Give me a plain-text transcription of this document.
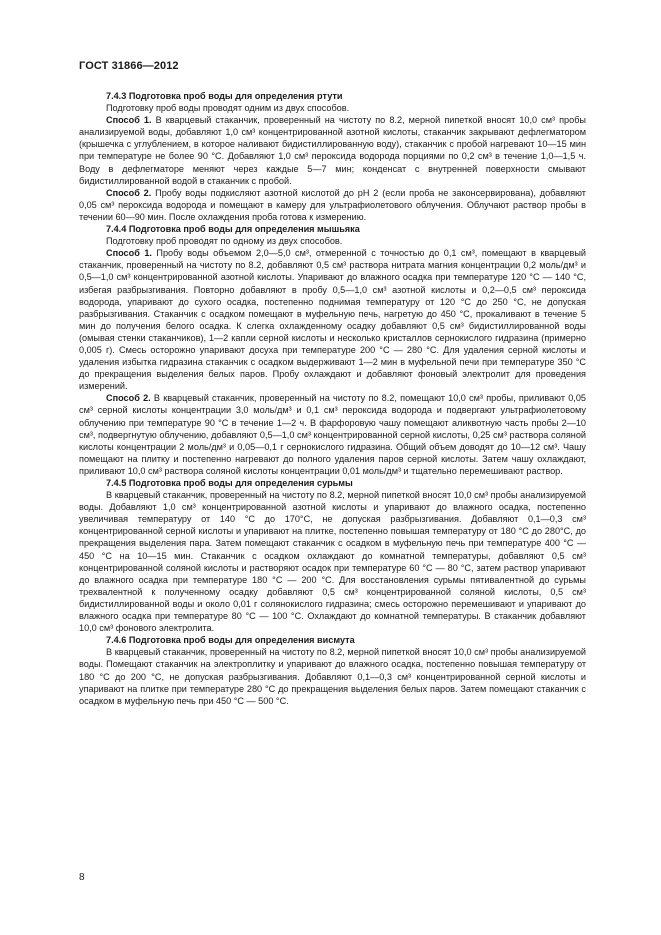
ГОСТ 31866—2012

7.4.3 Подготовка проб воды для определения ртути

Подготовку проб воды проводят одним из двух способов.

Способ 1. В кварцевый стаканчик, проверенный на чистоту по 8.2, мерной пипеткой вносят 10,0 см³ пробы анализируемой воды, добавляют 1,0 см³ концентрированной азотной кислоты, стаканчик закрывают дефлегматором (крышечка с углублением, в которое наливают бидистиллированную воду), стаканчик с пробой нагревают 10—15 мин при температуре не более 90 °С. Добавляют 1,0 см³ пероксида водорода порциями по 0,2 см³ в течение 1,0—1,5 ч. Воду в дефлегматоре меняют через каждые 5—7 мин; конденсат с внутренней поверхности смывают бидистиллированной водой в стаканчик с пробой.

Способ 2. Пробу воды подкисляют азотной кислотой до рН 2 (если проба не законсервирована), добавляют 0,05 см³ пероксида водорода и помещают в камеру для ультрафиолетового облучения. Облучают раствор пробы в течении 60—90 мин. После охлаждения проба готова к измерению.

7.4.4 Подготовка проб воды для определения мышьяка

Подготовку проб проводят по одному из двух способов.

Способ 1. Пробу воды объемом 2,0—5,0 см³, отмеренной с точностью до 0,1 см³, помещают в кварцевый стаканчик, проверенный на чистоту по 8.2, добавляют 0,5 см³ раствора нитрата магния концентрации 0,2 моль/дм³ и 0,5—1,0 см³ концентрированной азотной кислоты. Упаривают до влажного осадка при температуре 120 °С — 140 °С, избегая разбрызгивания. Повторно добавляют в пробу 0,5—1,0 см³ азотной кислоты и 0,2—0,5 см³ пероксида водорода, упаривают до сухого осадка, постепенно поднимая температуру от 120 °С до 250 °С, не допуская разбрызгивания. Стаканчик с осадком помещают в муфельную печь, нагретую до 450 °С, прокаливают в течение 5 мин до получения белого осадка. К слегка охлажденному осадку добавляют 0,5 см³ бидистиллированной воды (омывая стенки стаканчиков), 1—2 капли серной кислоты и несколько кристаллов сернокислого гидразина (примерно 0,005 г). Смесь осторожно упаривают досуха при температуре 200 °С — 280 °С. Для удаления серной кислоты и удаления избытка гидразина стаканчик с осадком выдерживают 1—2 мин в муфельной печи при температуре 350 °С до прекращения выделения белых паров. Пробу охлаждают и добавляют фоновый электролит для проведения измерений.

Способ 2. В кварцевый стаканчик, проверенный на чистоту по 8.2, помещают 10,0 см³ пробы, приливают 0,05 см³ серной кислоты концентрации 3,0 моль/дм³ и 0,1 см³ пероксида водорода и подвергают ультрафиолетовому облучению при температуре 90 °С в течение 1—2 ч. В фарфоровую чашу помещают аликвотную часть пробы 2—10 см³, подвергнутую облучению, добавляют 0,5—1,0 см³ концентрированной серной кислоты, 0,25 см³ раствора соляной кислоты концентрации 2 моль/дм³ и 0,05—0,1 г сернокислого гидразина. Общий объем доводят до 10—12 см³. Чашу помещают на плитку и постепенно нагревают до полного удаления паров серной кислоты. Затем чашу охлаждают, приливают 10,0 см³ раствора соляной кислоты концентрации 0,01 моль/дм³ и тщательно перемешивают раствор.

7.4.5 Подготовка проб воды для определения сурьмы

В кварцевый стаканчик, проверенный на чистоту по 8.2, мерной пипеткой вносят 10,0 см³ пробы анализируемой воды. Добавляют 1,0 см³ концентрированной азотной кислоты и упаривают до влажного осадка, постепенно увеличивая температуру от 140 °С до 170°С, не допуская разбрызгивания. Добавляют 0,1—0,3 см³ концентрированной серной кислоты и упаривают на плитке, постепенно повышая температуру от 180 °С до 280°С, до прекращения выделения пара. Затем помещают стаканчик с осадком в муфельную печь при температуре 400 °С — 450 °С на 10—15 мин. Стаканчик с осадком охлаждают до комнатной температуры, добавляют 0,5 см³ концентрированной соляной кислоты и растворяют осадок при температуре 60 °С — 80 °С, затем раствор упаривают до влажного осадка при температуре 180 °С — 200 °С. Для восстановления сурьмы пятивалентной до сурьмы трехвалентной к полученному осадку добавляют 0,5 см³ концентрированной соляной кислоты, 0,5 см³ бидистиллированной воды и около 0,01 г солянокислого гидразина; смесь осторожно перемешивают и упаривают до влажного осадка при температуре 80 °С — 100 °С. Охлаждают до комнатной температуры. В стаканчик добавляют 10,0 см³ фонового электролита.

7.4.6 Подготовка проб воды для определения висмута

В кварцевый стаканчик, проверенный на чистоту по 8.2, мерной пипеткой вносят 10,0 см³ пробы анализируемой воды. Помещают стаканчик на электроплитку и упаривают до влажного осадка, постепенно повышая температуру от 180 °С до 200 °С, не допуская разбрызгивания. Добавляют 0,1—0,3 см³ концентрированной серной кислоты и упаривают на плитке при температуре 280 °С до прекращения выделения белых паров. Затем помещают стаканчик с осадком в муфельную печь при 450 °С — 500 °С.

8
